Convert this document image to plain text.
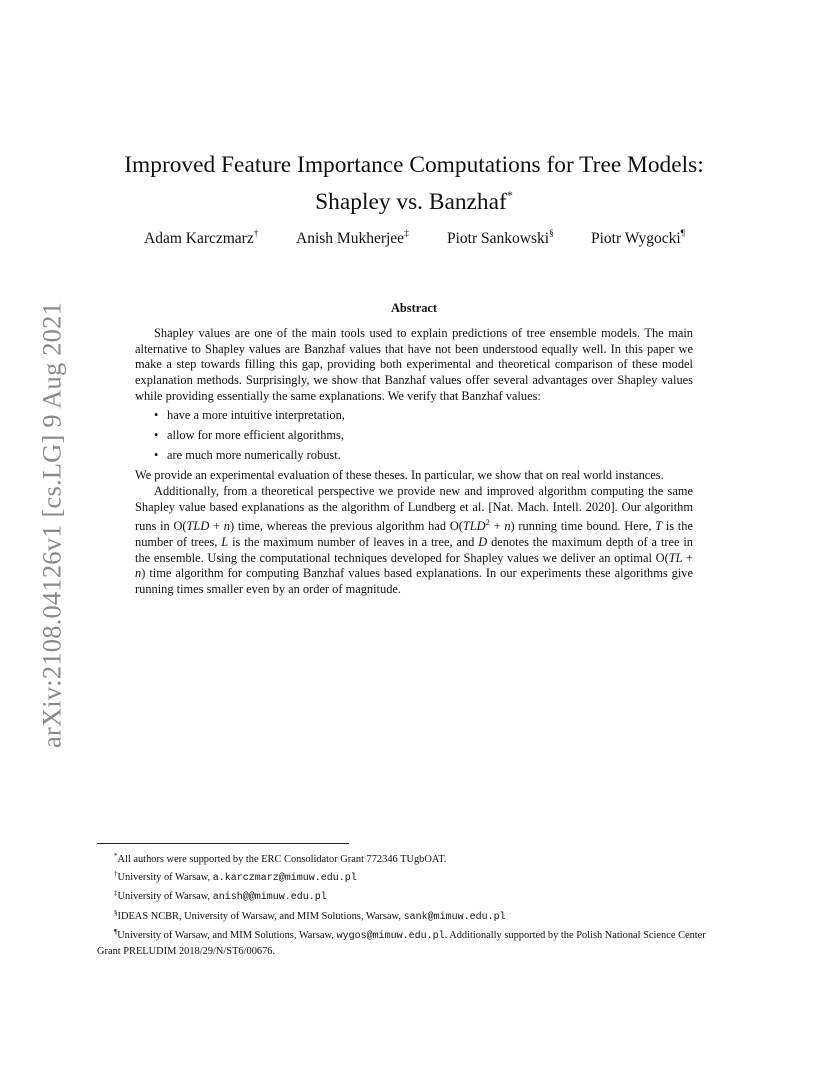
arXiv:2108.04126v1 [cs.LG] 9 Aug 2021
Improved Feature Importance Computations for Tree Models:
Shapley vs. Banzhaf*
Adam Karczmarz† Anish Mukherjee‡ Piotr Sankowski§ Piotr Wygocki¶
Abstract

Shapley values are one of the main tools used to explain predictions of tree ensemble models. The main alternative to Shapley values are Banzhaf values that have not been understood equally well. In this paper we make a step towards filling this gap, providing both experimental and theoretical comparison of these model explanation methods. Surprisingly, we show that Banzhaf values offer several advantages over Shapley values while providing essentially the same explanations. We verify that Banzhaf values:

• have a more intuitive interpretation,
• allow for more efficient algorithms,
• are much more numerically robust.

We provide an experimental evaluation of these theses. In particular, we show that on real world instances.

Additionally, from a theoretical perspective we provide new and improved algorithm computing the same Shapley value based explanations as the algorithm of Lundberg et al. [Nat. Mach. Intell. 2020]. Our algorithm runs in O(TLD + n) time, whereas the previous algorithm had $O(TLD^2 + n)$ running time bound. Here, T is the number of trees, L is the maximum number of leaves in a tree, and D denotes the maximum depth of a tree in the ensemble. Using the computational techniques developed for Shapley values we deliver an optimal O(TL + n) time algorithm for computing Banzhaf values based explanations. In our experiments these algorithms give running times smaller even by an order of magnitude.

*All authors were supported by the ERC Consolidator Grant 772346 TUgbOAT.
†University of Warsaw, a.karczmarz@mimuw.edu.pl
‡University of Warsaw, anish@@mimuw.edu.pl
§IDEAS NCBR, University of Warsaw, and MIM Solutions, Warsaw, sank@mimuw.edu.pl
¶University of Warsaw, and MIM Solutions, Warsaw, wygos@mimuw.edu.pl. Additionally supported by the Polish National Science Center Grant PRELUDIM 2018/29/N/ST6/00676.
